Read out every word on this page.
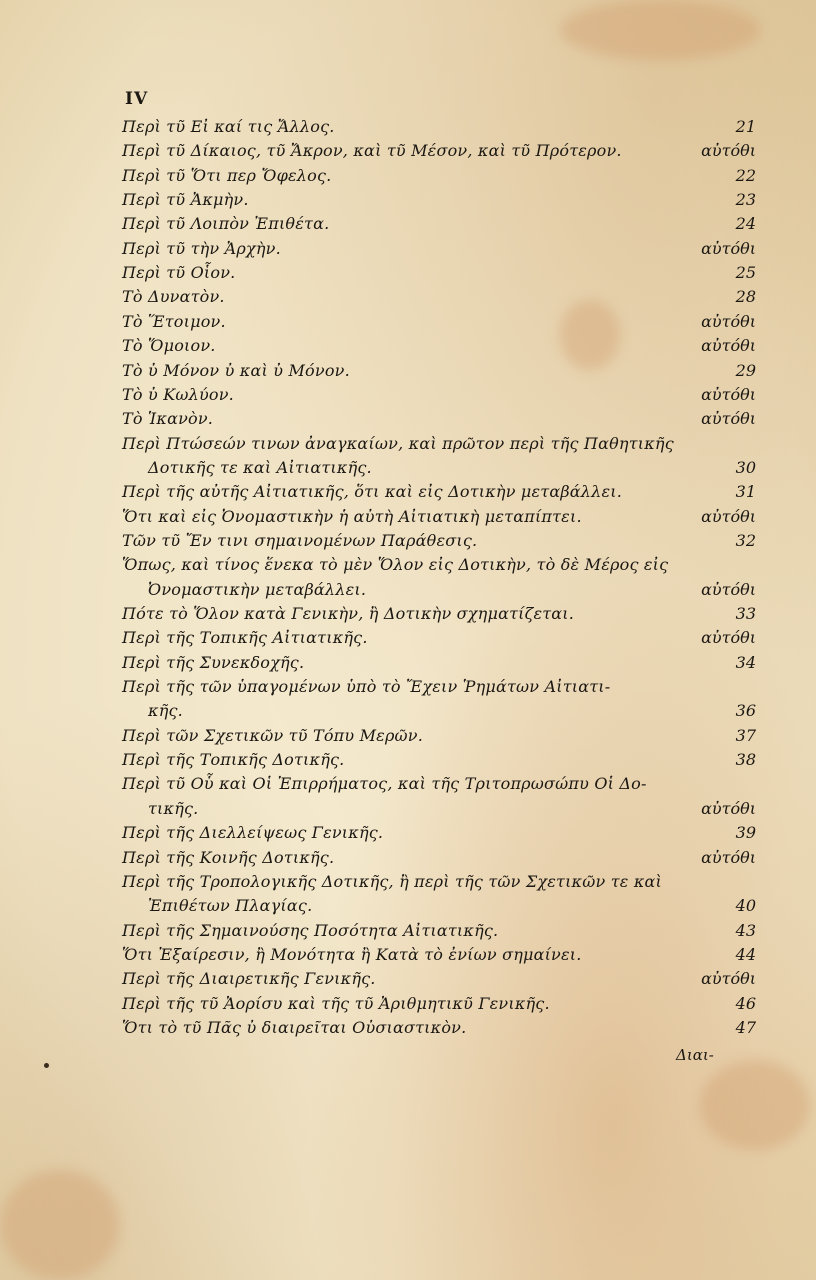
IV
Περὶ τῦ Εἰ καί τις Ἄλλος.	21
Περὶ τῦ Δίκαιος, τῦ Ἄκρον, καὶ τῦ Μέσον, καὶ τῦ Πρότερον.	αὐτόθι
Περὶ τῦ Ὅτι περ Ὄφελος.	22
Περὶ τῦ Ἀκμὴν.	23
Περὶ τῦ Λοιπὸν Ἐπιθέτα.	24
Περὶ τῦ τὴν Ἀρχὴν.	αὐτόθι
Περὶ τῦ Οἷον.	25
Τὸ Δυνατὸν.	28
Τὸ Ἕτοιμον.	αὐτόθι
Τὸ Ὅμοιον.	αὐτόθι
Τὸ ὐ Μόνον ὐ καὶ ὐ Μόνον.	29
Τὸ ὐ Κωλύον.	αὐτόθι
Τὸ Ἱκανὸν.	αὐτόθι
Περὶ Πτώσεών τινων ἀναγκαίων, καὶ πρῶτον περὶ τῆς Παθητικῆς
Δοτικῆς τε καὶ Αἰτιατικῆς.	30
Περὶ τῆς αὐτῆς Αἰτιατικῆς, ὅτι καὶ εἰς Δοτικὴν μεταβάλλει.	31
Ὅτι καὶ εἰς Ὀνομαστικὴν ἡ αὐτὴ Αἰτιατικὴ μεταπίπτει.	αὐτόθι
Τῶν τῦ Ἔν τινι σημαινομένων Παράθεσις.	32
Ὅπως, καὶ τίνος ἕνεκα τὸ μὲν Ὅλον εἰς Δοτικὴν, τὸ δὲ Μέρος εἰς
Ὀνομαστικὴν μεταβάλλει.	αὐτόθι
Πότε τὸ Ὅλον κατὰ Γενικὴν, ἢ Δοτικὴν σχηματίζεται.	33
Περὶ τῆς Τοπικῆς Αἰτιατικῆς.	αὐτόθι
Περὶ τῆς Συνεκδοχῆς.	34
Περὶ τῆς τῶν ὑπαγομένων ὑπὸ τὸ Ἔχειν Ῥημάτων Αἰτιατι-
κῆς.	36
Περὶ τῶν Σχετικῶν τῦ Τόπυ Μερῶν.	37
Περὶ τῆς Τοπικῆς Δοτικῆς.	38
Περὶ τῦ Οὗ καὶ Οἱ Ἐπιρρήματος, καὶ τῆς Τριτοπρωσώπυ Οἱ Δο-
τικῆς.	αὐτόθι
Περὶ τῆς Διελλείψεως Γενικῆς.	39
Περὶ τῆς Κοινῆς Δοτικῆς.	αὐτόθι
Περὶ τῆς Τροπολογικῆς Δοτικῆς, ἢ περὶ τῆς τῶν Σχετικῶν τε καὶ
Ἐπιθέτων Πλαγίας.	40
Περὶ τῆς Σημαινούσης Ποσότητα Αἰτιατικῆς.	43
Ὅτι Ἐξαίρεσιν, ἢ Μονότητα ἢ Κατὰ τὸ ἐνίων σημαίνει.	44
Περὶ τῆς Διαιρετικῆς Γενικῆς.	αὐτόθι
Περὶ τῆς τῦ Ἀορίσυ καὶ τῆς τῦ Ἀριθμητικῦ Γενικῆς.	46
Ὅτι τὸ τῦ Πᾶς ὐ διαιρεῖται Οὐσιαστικὸν.	47
Διαι-
